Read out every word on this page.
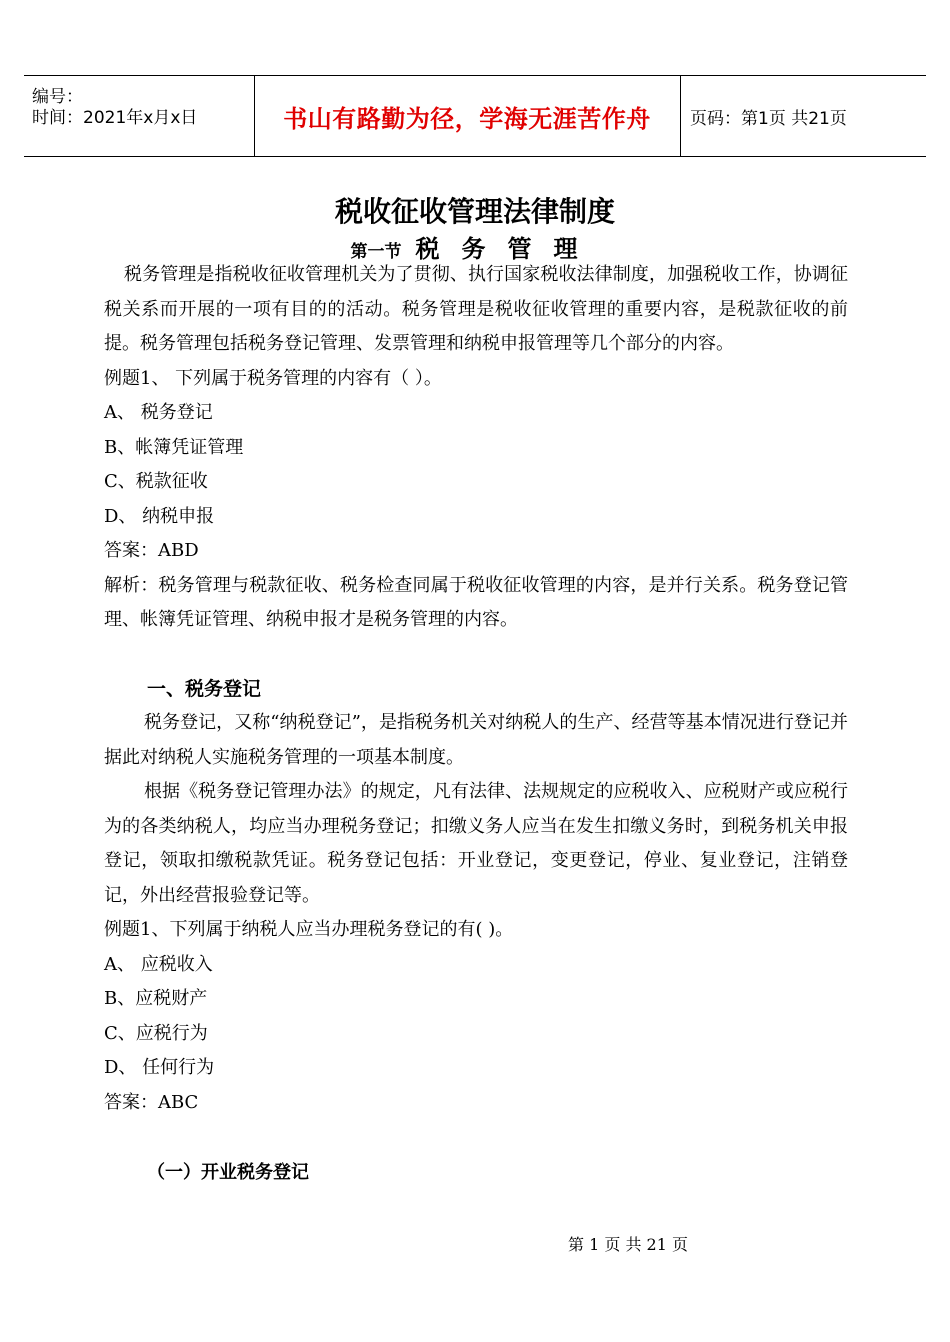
编号：
时间：2021年x月x日	书山有路勤为径，学海无涯苦作舟 页码：第1页 共21页
税收征收管理法律制度
第一节 税务管理

税务管理是指税收征收管理机关为了贯彻、执行国家税收法律制度，加强税收工作，协调征税关系而开展的一项有目的的活动。税务管理是税收征收管理的重要内容，是税款征收的前提。税务管理包括税务登记管理、发票管理和纳税申报管理等几个部分的内容。

例题1、 下列属于税务管理的内容有（ ）。

A、 税务登记

B、帐簿凭证管理

C、税款征收

D、 纳税申报

答案：ABD

解析：税务管理与税款征收、税务检查同属于税收征收管理的内容，是并行关系。税务登记管理、帐簿凭证管理、纳税申报才是税务管理的内容。

一、税务登记

税务登记，又称“纳税登记”，是指税务机关对纳税人的生产、经营等基本情况进行登记并据此对纳税人实施税务管理的一项基本制度。

根据《税务登记管理办法》的规定，凡有法律、法规规定的应税收入、应税财产或应税行为的各类纳税人，均应当办理税务登记；扣缴义务人应当在发生扣缴义务时，到税务机关申报登记，领取扣缴税款凭证。税务登记包括：开业登记，变更登记，停业、复业登记，注销登记，外出经营报验登记等。

例题1、下列属于纳税人应当办理税务登记的有( )。

A、 应税收入

B、应税财产

C、应税行为

D、 任何行为

答案：ABC

（一）开业税务登记

第 1 页 共 21 页
